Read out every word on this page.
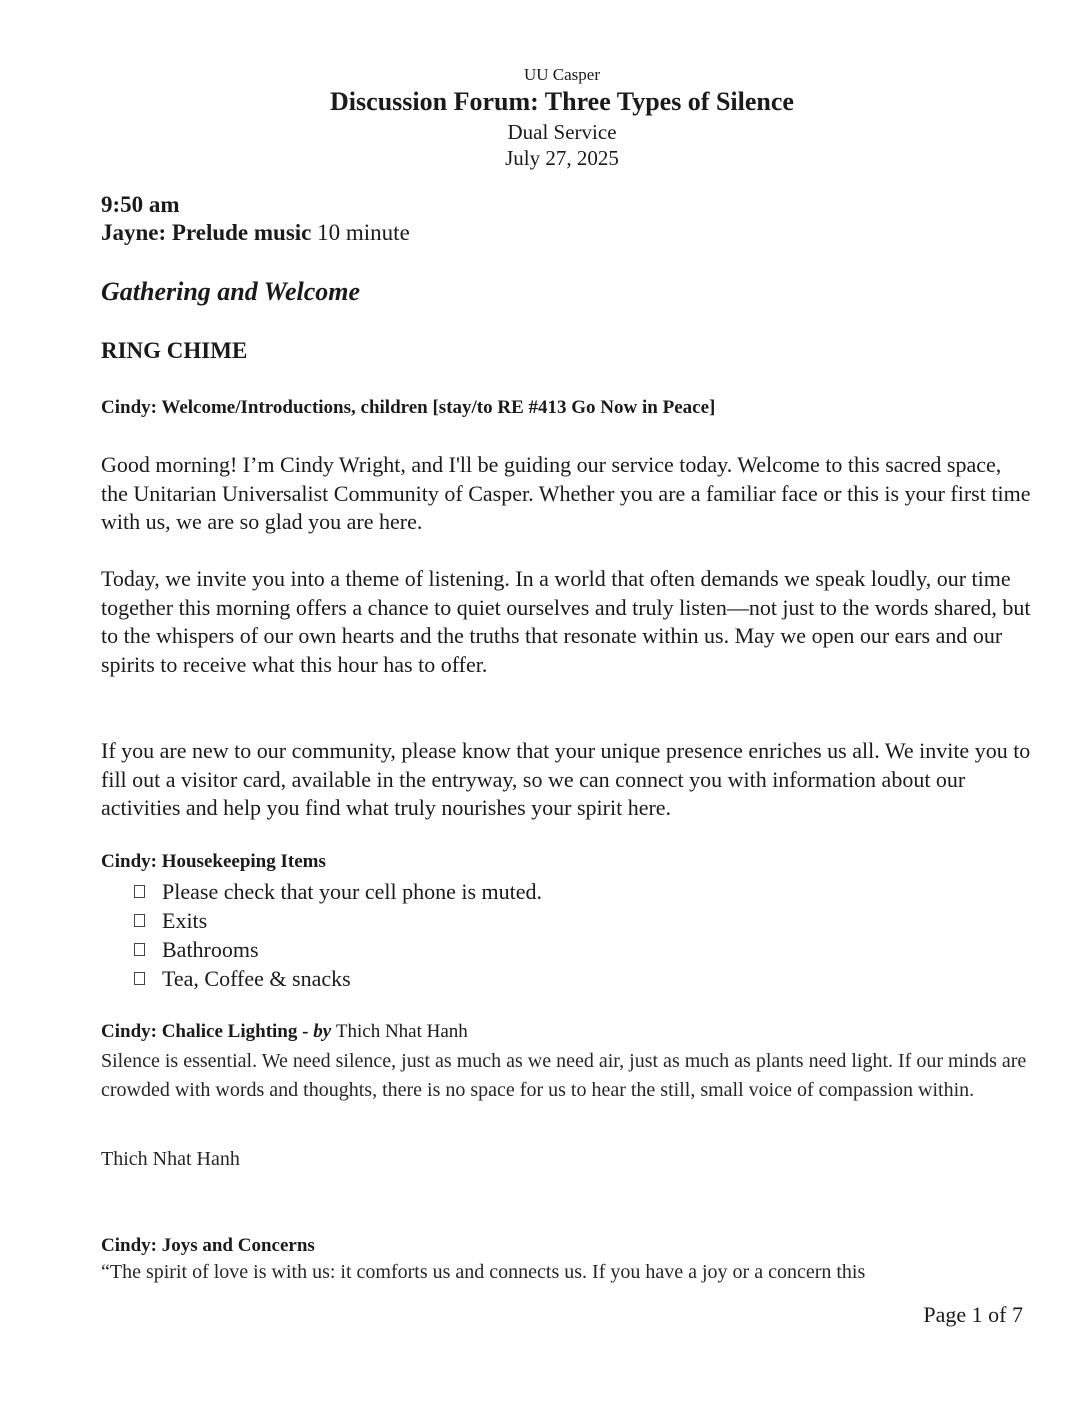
UU Casper
Discussion Forum: Three Types of Silence
Dual Service
July 27, 2025
9:50 am
Jayne: Prelude music 10 minute
Gathering and Welcome
RING CHIME
Cindy: Welcome/Introductions, children [stay/to RE #413 Go Now in Peace]
Good morning! I’m Cindy Wright, and I'll be guiding our service today. Welcome to this sacred space, the Unitarian Universalist Community of Casper. Whether you are a familiar face or this is your first time with us, we are so glad you are here.
Today, we invite you into a theme of listening. In a world that often demands we speak loudly, our time together this morning offers a chance to quiet ourselves and truly listen—not just to the words shared, but to the whispers of our own hearts and the truths that resonate within us. May we open our ears and our spirits to receive what this hour has to offer.
If you are new to our community, please know that your unique presence enriches us all. We invite you to fill out a visitor card, available in the entryway, so we can connect you with information about our activities and help you find what truly nourishes your spirit here.
Cindy: Housekeeping Items
Please check that your cell phone is muted.
Exits
Bathrooms
Tea, Coffee & snacks
Cindy: Chalice Lighting - by Thich Nhat Hanh
Silence is essential. We need silence, just as much as we need air, just as much as plants need light. If our minds are crowded with words and thoughts, there is no space for us to hear the still, small voice of compassion within.
Thich Nhat Hanh
Cindy: Joys and Concerns
“The spirit of love is with us: it comforts us and connects us. If you have a joy or a concern this
Page 1 of 7
